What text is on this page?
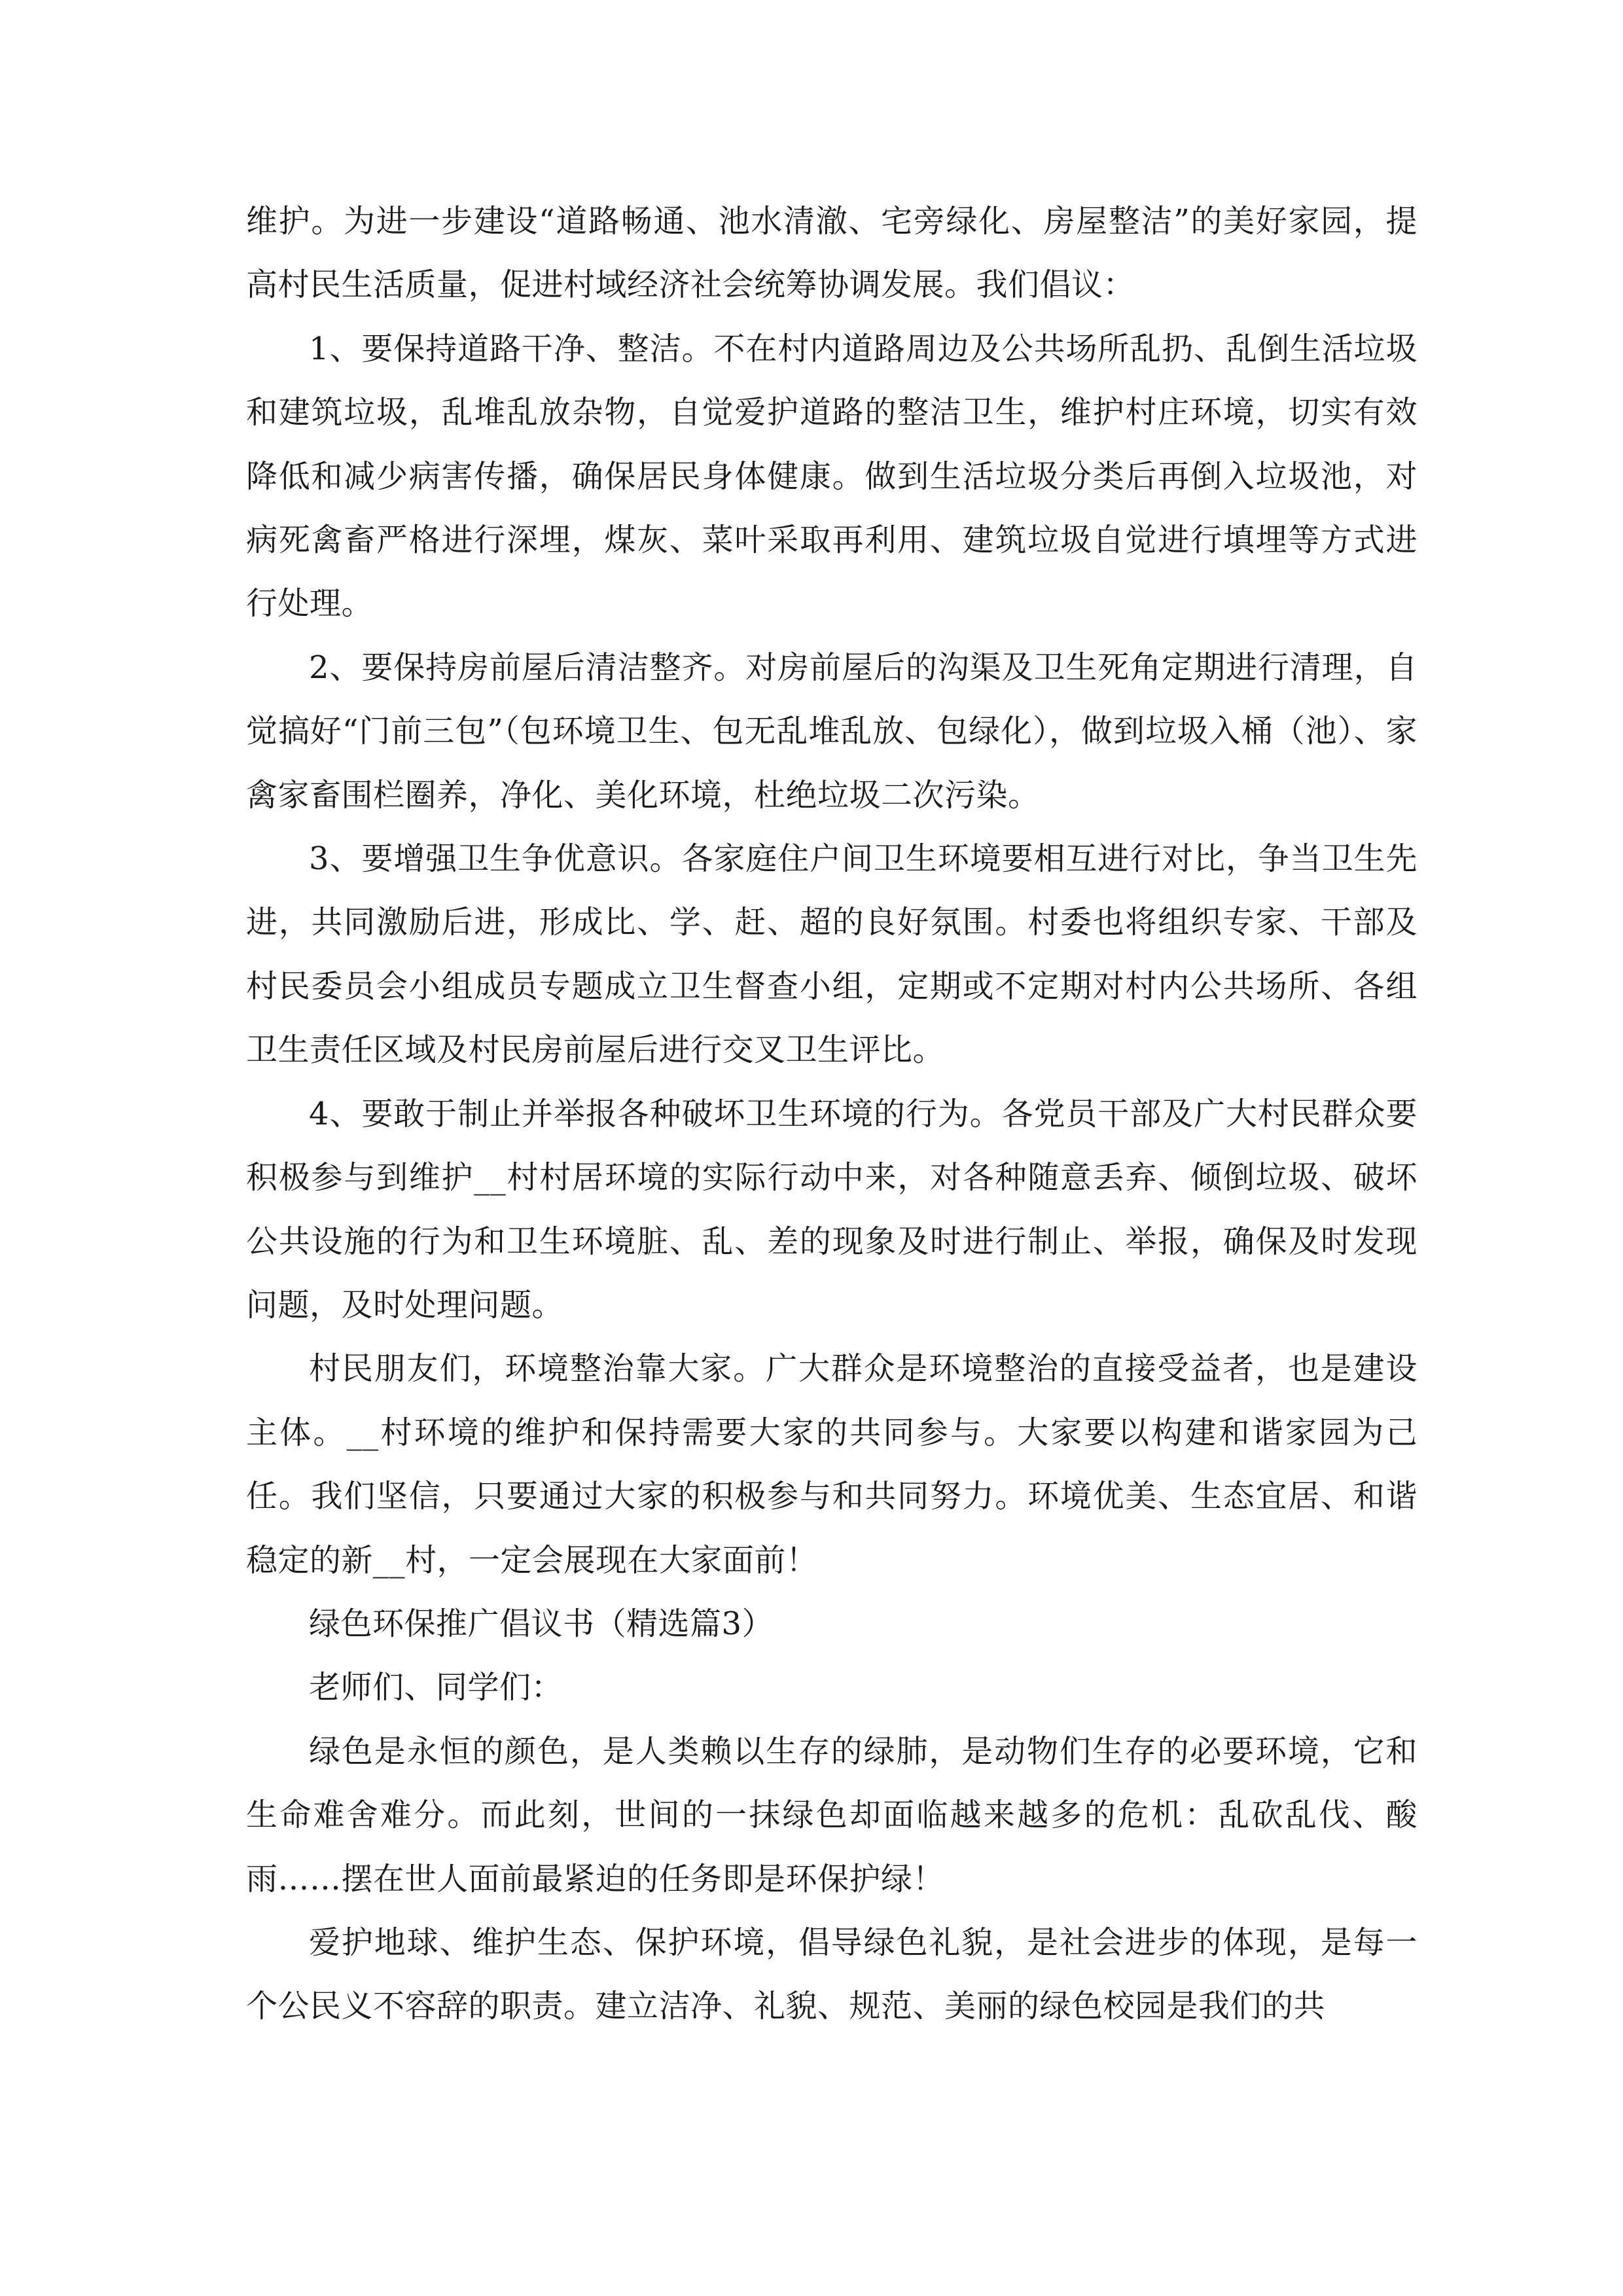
维护。为进一步建设“道路畅通、池水清澈、宅旁绿化、房屋整洁”的美好家园，提高村民生活质量，促进村域经济社会统筹协调发展。我们倡议：

1、要保持道路干净、整洁。不在村内道路周边及公共场所乱扔、乱倒生活垃圾和建筑垃圾，乱堆乱放杂物，自觉爱护道路的整洁卫生，维护村庄环境，切实有效降低和减少病害传播，确保居民身体健康。做到生活垃圾分类后再倒入垃圾池，对病死禽畜严格进行深埋，煤灰、菜叶采取再利用、建筑垃圾自觉进行填埋等方式进行处理。

2、要保持房前屋后清洁整齐。对房前屋后的沟渠及卫生死角定期进行清理，自觉搞好“门前三包”（包环境卫生、包无乱堆乱放、包绿化），做到垃圾入桶（池）、家禽家畜围栏圈养，净化、美化环境，杜绝垃圾二次污染。

3、要增强卫生争优意识。各家庭住户间卫生环境要相互进行对比，争当卫生先进，共同激励后进，形成比、学、赶、超的良好氛围。村委也将组织专家、干部及村民委员会小组成员专题成立卫生督查小组，定期或不定期对村内公共场所、各组卫生责任区域及村民房前屋后进行交叉卫生评比。

4、要敢于制止并举报各种破坏卫生环境的行为。各党员干部及广大村民群众要积极参与到维护__村村居环境的实际行动中来，对各种随意丢弃、倾倒垃圾、破坏公共设施的行为和卫生环境脏、乱、差的现象及时进行制止、举报，确保及时发现问题，及时处理问题。

村民朋友们，环境整治靠大家。广大群众是环境整治的直接受益者，也是建设主体。__村环境的维护和保持需要大家的共同参与。大家要以构建和谐家园为己任。我们坚信，只要通过大家的积极参与和共同努力。环境优美、生态宜居、和谐稳定的新__村，一定会展现在大家面前！

绿色环保推广倡议书（精选篇3）

老师们、同学们：

绿色是永恒的颜色，是人类赖以生存的绿肺，是动物们生存的必要环境，它和生命难舍难分。而此刻，世间的一抹绿色却面临越来越多的危机：乱砍乱伐、酸雨……摆在世人面前最紧迫的任务即是环保护绿！

爱护地球、维护生态、保护环境，倡导绿色礼貌，是社会进步的体现，是每一个公民义不容辞的职责。建立洁净、礼貌、规范、美丽的绿色校园是我们的共
